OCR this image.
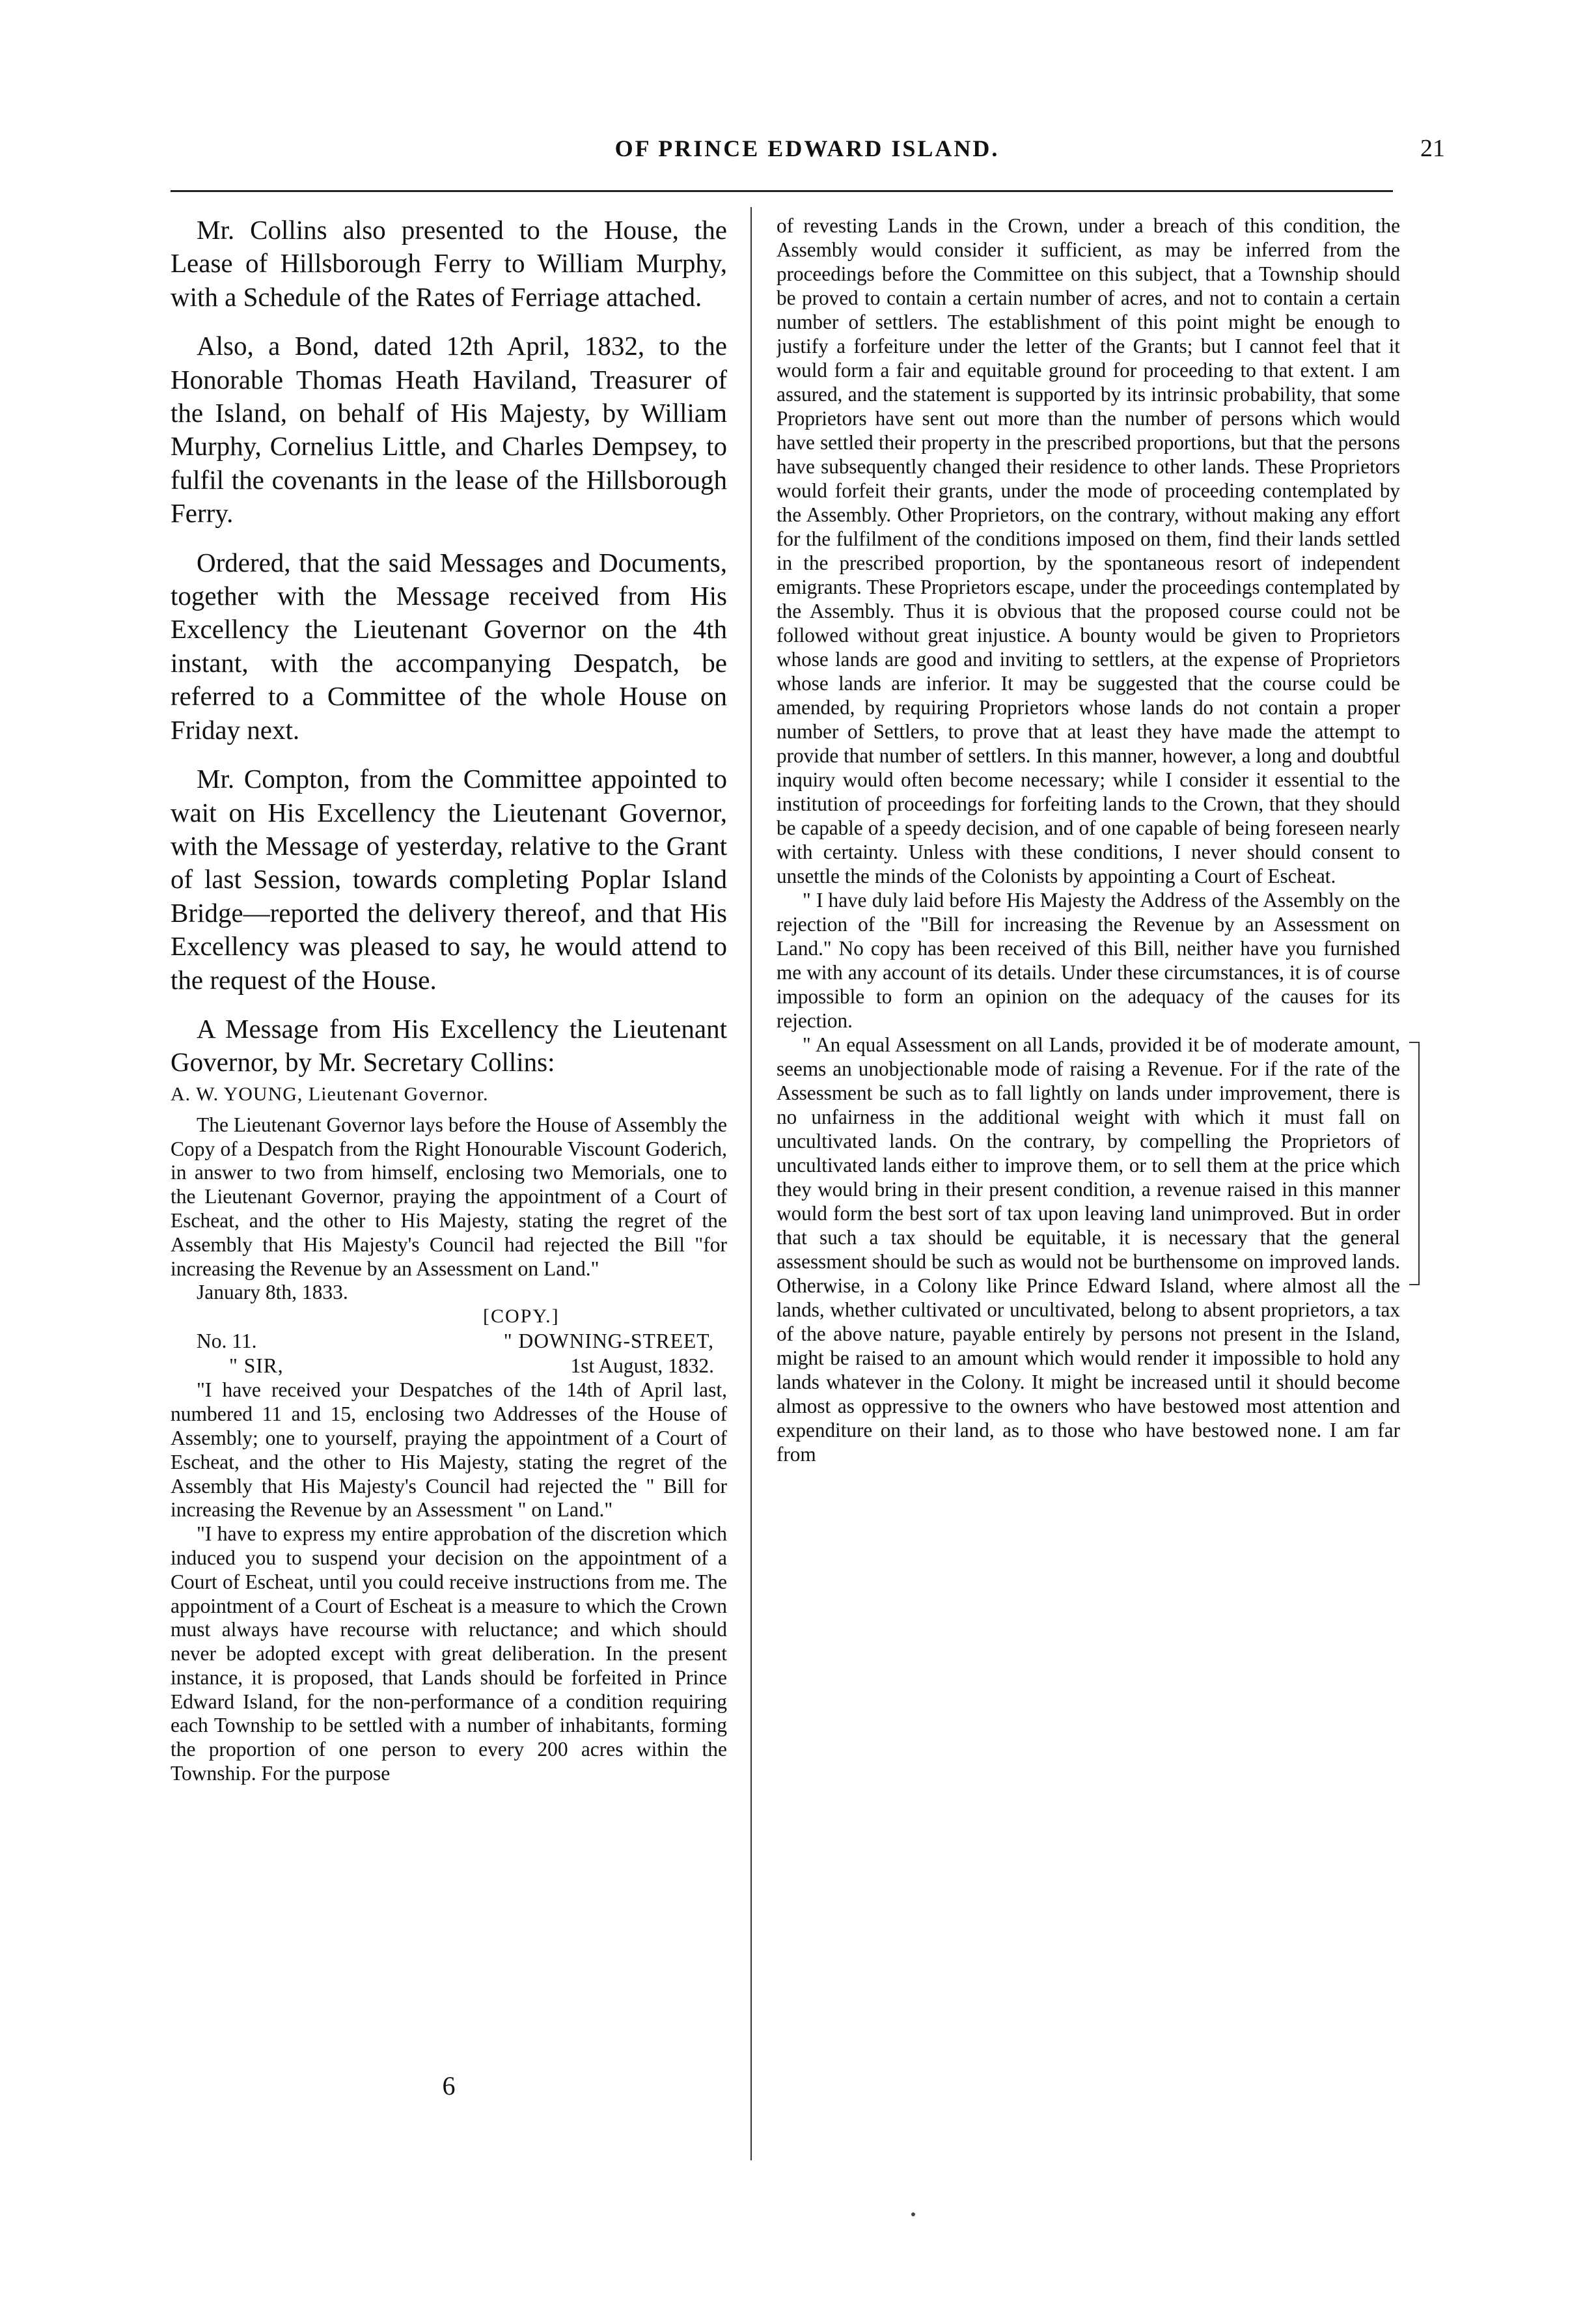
OF PRINCE EDWARD ISLAND.	21

Mr. Collins also presented to the House, the Lease of Hillsborough Ferry to William Murphy, with a Schedule of the Rates of Ferriage attached.

Also, a Bond, dated 12th April, 1832, to the Honorable Thomas Heath Haviland, Treasurer of the Island, on behalf of His Majesty, by William Murphy, Cornelius Little, and Charles Dempsey, to fulfil the covenants in the lease of the Hillsborough Ferry.

Ordered, that the said Messages and Documents, together with the Message received from His Excellency the Lieutenant Governor on the 4th instant, with the accompanying Despatch, be referred to a Committee of the whole House on Friday next.

Mr. Compton, from the Committee appointed to wait on His Excellency the Lieutenant Governor, with the Message of yesterday, relative to the Grant of last Session, towards completing Poplar Island Bridge—reported the delivery thereof, and that His Excellency was pleased to say, he would attend to the request of the House.

A Message from His Excellency the Lieutenant Governor, by Mr. Secretary Collins:

A. W. YOUNG, Lieutenant Governor.

The Lieutenant Governor lays before the House of Assembly the Copy of a Despatch from the Right Honourable Viscount Goderich, in answer to two from himself, enclosing two Memorials, one to the Lieutenant Governor, praying the appointment of a Court of Escheat, and the other to His Majesty, stating the regret of the Assembly that His Majesty's Council had rejected the Bill "for increasing the Revenue by an Assessment on Land."

January 8th, 1833.
[COPY.]
No. 11.	" DOWNING-STREET,
" SIR,	1st August, 1832.

"I have received your Despatches of the 14th of April last, numbered 11 and 15, enclosing two Addresses of the House of Assembly; one to yourself, praying the appointment of a Court of Escheat, and the other to His Majesty, stating the regret of the Assembly that His Majesty's Council had rejected the " Bill for increasing the Revenue by an Assessment " on Land."

"I have to express my entire approbation of the discretion which induced you to suspend your decision on the appointment of a Court of Escheat, until you could receive instructions from me. The appointment of a Court of Escheat is a measure to which the Crown must always have recourse with reluctance; and which should never be adopted except with great deliberation. In the present instance, it is proposed, that Lands should be forfeited in Prince Edward Island, for the non-performance of a condition requiring each Township to be settled with a number of inhabitants, forming the proportion of one person to every 200 acres within the Township. For the purpose

6

of revesting Lands in the Crown, under a breach of this condition, the Assembly would consider it sufficient, as may be inferred from the proceedings before the Committee on this subject, that a Township should be proved to contain a certain number of acres, and not to contain a certain number of settlers. The establishment of this point might be enough to justify a forfeiture under the letter of the Grants; but I cannot feel that it would form a fair and equitable ground for proceeding to that extent. I am assured, and the statement is supported by its intrinsic probability, that some Proprietors have sent out more than the number of persons which would have settled their property in the prescribed proportions, but that the persons have subsequently changed their residence to other lands. These Proprietors would forfeit their grants, under the mode of proceeding contemplated by the Assembly. Other Proprietors, on the contrary, without making any effort for the fulfilment of the conditions imposed on them, find their lands settled in the prescribed proportion, by the spontaneous resort of independent emigrants. These Proprietors escape, under the proceedings contemplated by the Assembly. Thus it is obvious that the proposed course could not be followed without great injustice. A bounty would be given to Proprietors whose lands are good and inviting to settlers, at the expense of Proprietors whose lands are inferior. It may be suggested that the course could be amended, by requiring Proprietors whose lands do not contain a proper number of Settlers, to prove that at least they have made the attempt to provide that number of settlers. In this manner, however, a long and doubtful inquiry would often become necessary; while I consider it essential to the institution of proceedings for forfeiting lands to the Crown, that they should be capable of a speedy decision, and of one capable of being foreseen nearly with certainty. Unless with these conditions, I never should consent to unsettle the minds of the Colonists by appointing a Court of Escheat.

" I have duly laid before His Majesty the Address of the Assembly on the rejection of the "Bill for increasing the Revenue by an Assessment on Land." No copy has been received of this Bill, neither have you furnished me with any account of its details. Under these circumstances, it is of course impossible to form an opinion on the adequacy of the causes for its rejection.

" An equal Assessment on all Lands, provided it be of moderate amount, seems an unobjectionable mode of raising a Revenue. For if the rate of the Assessment be such as to fall lightly on lands under improvement, there is no unfairness in the additional weight with which it must fall on uncultivated lands. On the contrary, by compelling the Proprietors of uncultivated lands either to improve them, or to sell them at the price which they would bring in their present condition, a revenue raised in this manner would form the best sort of tax upon leaving land unimproved. But in order that such a tax should be equitable, it is necessary that the general assessment should be such as would not be burthensome on improved lands. Otherwise, in a Colony like Prince Edward Island, where almost all the lands, whether cultivated or uncultivated, belong to absent proprietors, a tax of the above nature, payable entirely by persons not present in the Island, might be raised to an amount which would render it impossible to hold any lands whatever in the Colony. It might be increased until it should become almost as oppressive to the owners who have bestowed most attention and expenditure on their land, as to those who have bestowed none. I am far from
